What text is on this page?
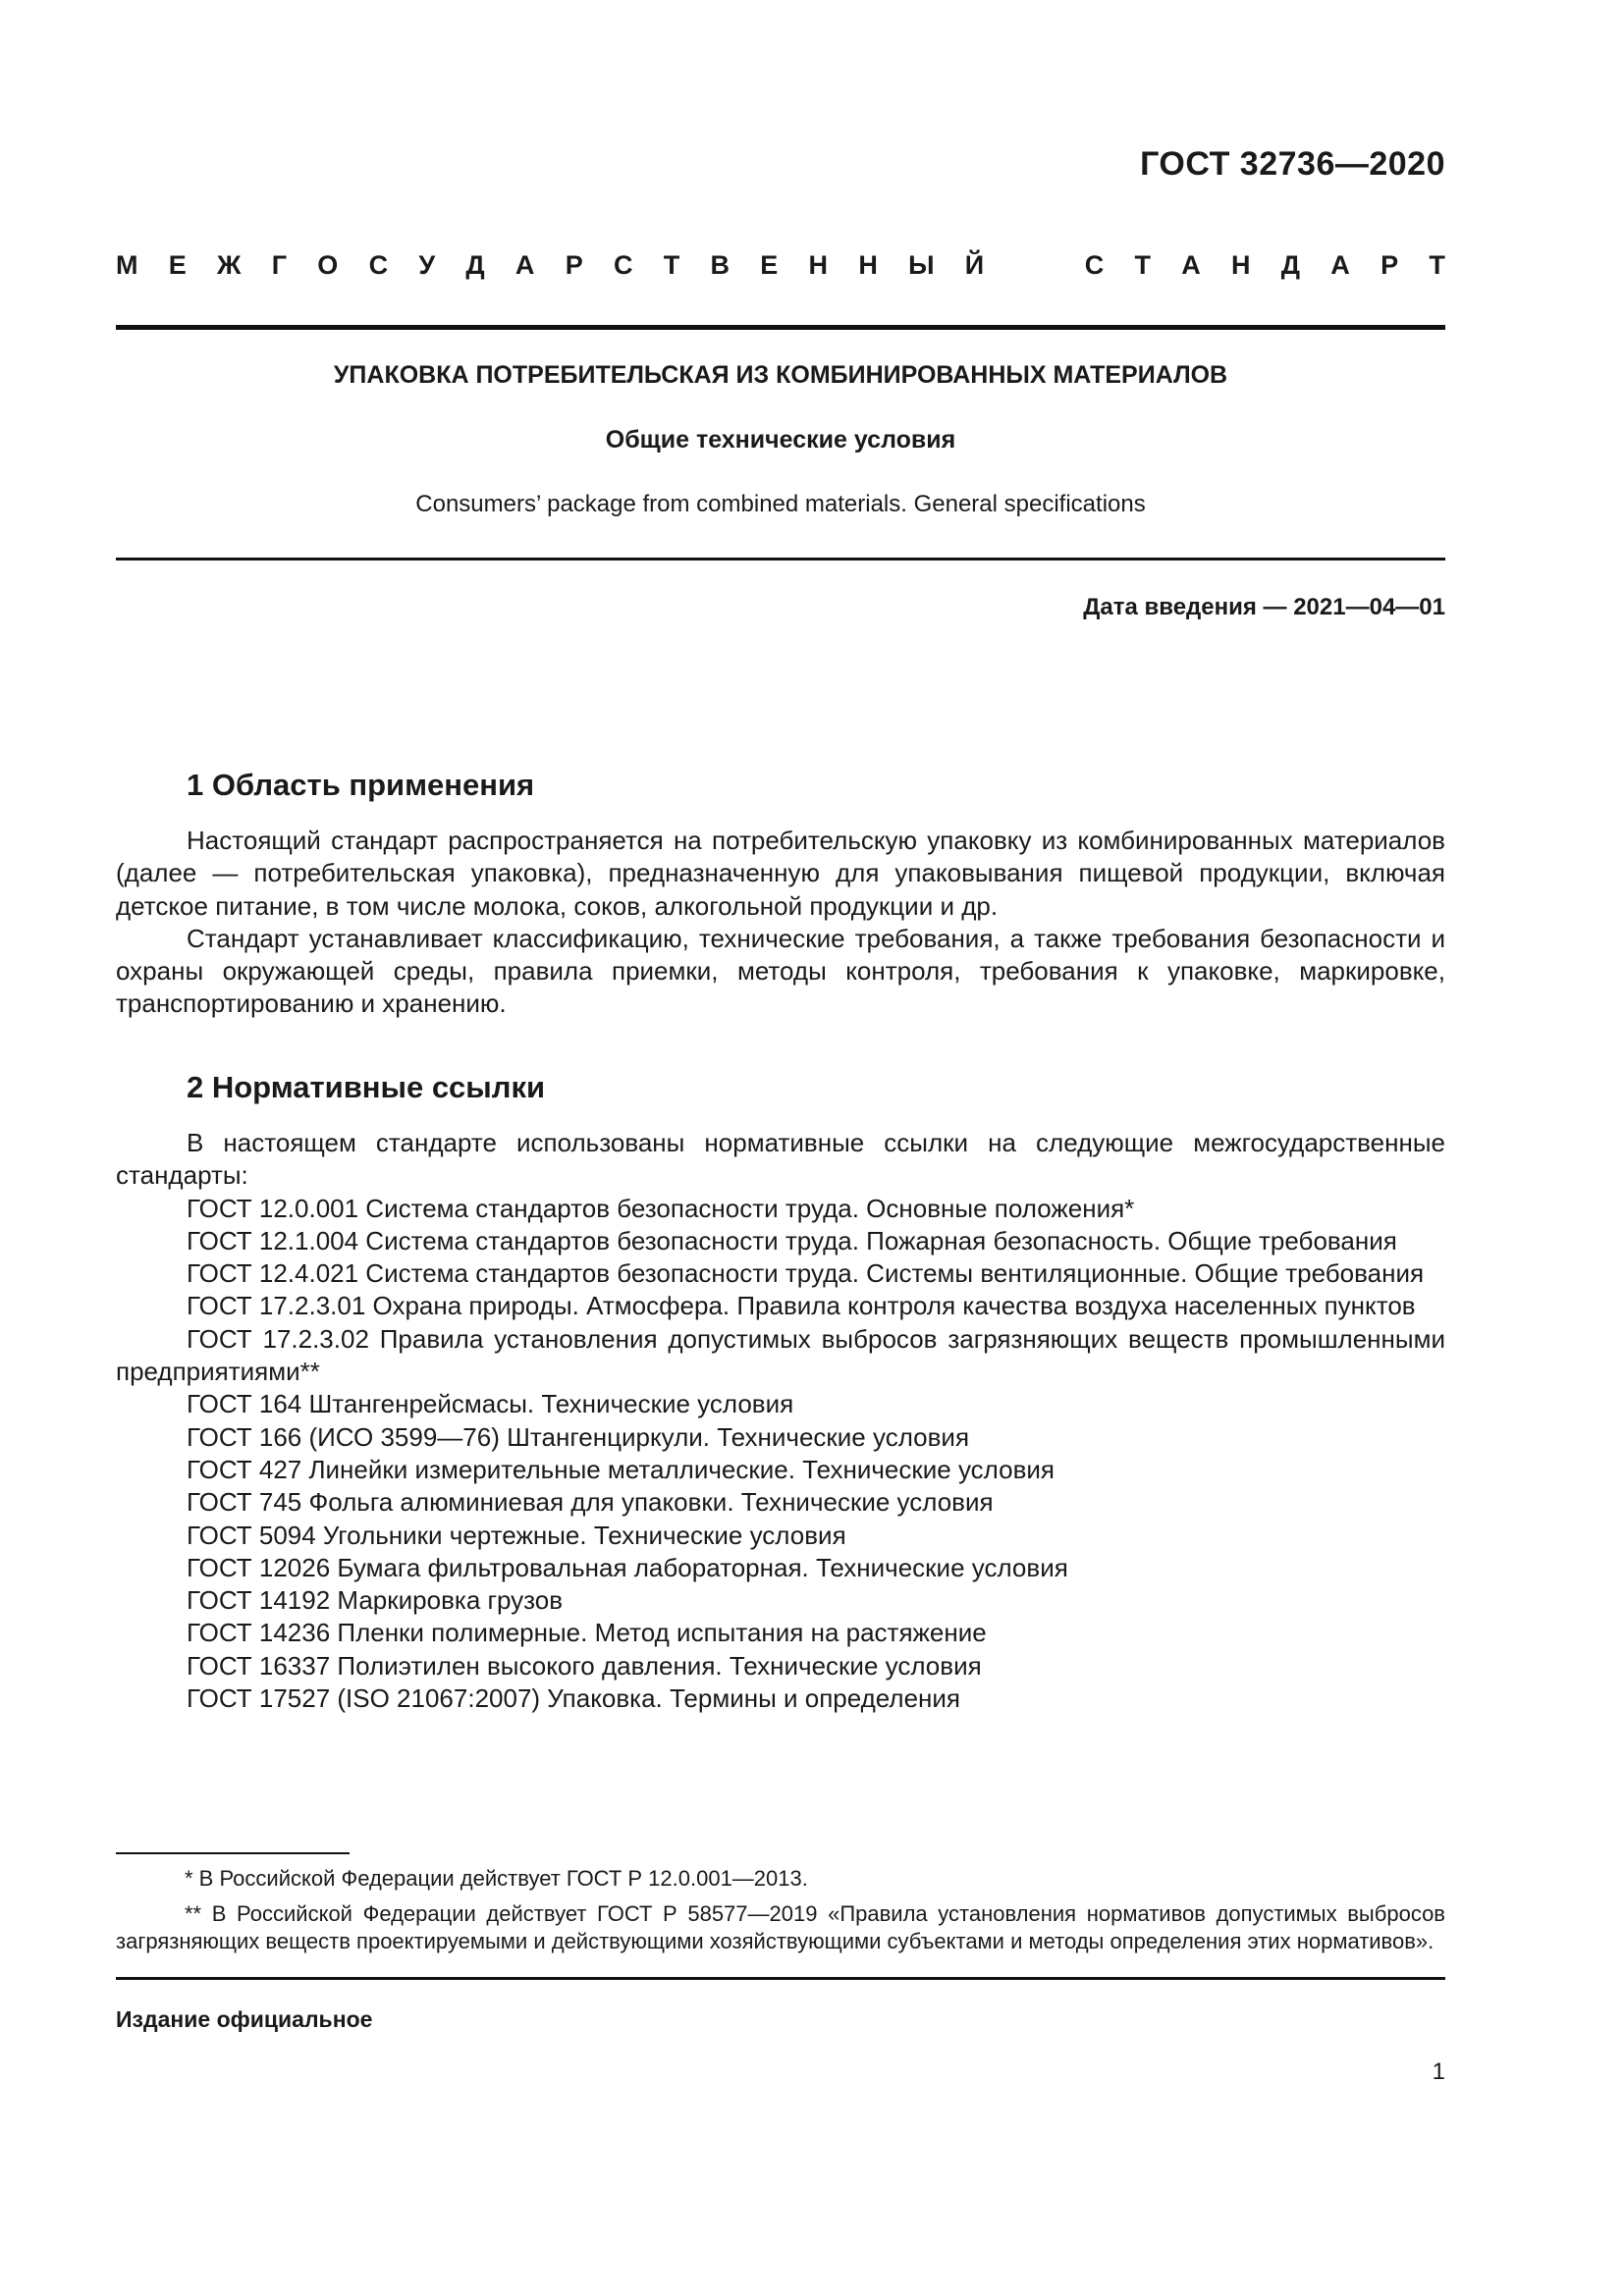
ГОСТ 32736—2020
М Е Ж Г О С У Д А Р С Т В Е Н Н Ы Й	С Т А Н Д А Р Т
УПАКОВКА ПОТРЕБИТЕЛЬСКАЯ ИЗ КОМБИНИРОВАННЫХ МАТЕРИАЛОВ
Общие технические условия
Consumers’ package from combined materials. General specifications
Дата введения — 2021—04—01
1 Область применения

Настоящий стандарт распространяется на потребительскую упаковку из комбинированных материалов (далее — потребительская упаковка), предназначенную для упаковывания пищевой продукции, включая детское питание, в том числе молока, соков, алкогольной продукции и др.

Стандарт устанавливает классификацию, технические требования, а также требования безопасности и охраны окружающей среды, правила приемки, методы контроля, требования к упаковке, маркировке, транспортированию и хранению.

2 Нормативные ссылки

В настоящем стандарте использованы нормативные ссылки на следующие межгосударственные стандарты:

ГОСТ 12.0.001 Система стандартов безопасности труда. Основные положения*

ГОСТ 12.1.004 Система стандартов безопасности труда. Пожарная безопасность. Общие требования

ГОСТ 12.4.021 Система стандартов безопасности труда. Системы вентиляционные. Общие требования

ГОСТ 17.2.3.01 Охрана природы. Атмосфера. Правила контроля качества воздуха населенных пунктов

ГОСТ 17.2.3.02 Правила установления допустимых выбросов загрязняющих веществ промышленными предприятиями**

ГОСТ 164 Штангенрейсмасы. Технические условия

ГОСТ 166 (ИСО 3599—76) Штангенциркули. Технические условия

ГОСТ 427 Линейки измерительные металлические. Технические условия

ГОСТ 745 Фольга алюминиевая для упаковки. Технические условия

ГОСТ 5094 Угольники чертежные. Технические условия

ГОСТ 12026 Бумага фильтровальная лабораторная. Технические условия

ГОСТ 14192 Маркировка грузов

ГОСТ 14236 Пленки полимерные. Метод испытания на растяжение

ГОСТ 16337 Полиэтилен высокого давления. Технические условия

ГОСТ 17527 (ISO 21067:2007) Упаковка. Термины и определения

* В Российской Федерации действует ГОСТ Р 12.0.001—2013.

** В Российской Федерации действует ГОСТ Р 58577—2019 «Правила установления нормативов допустимых выбросов загрязняющих веществ проектируемыми и действующими хозяйствующими субъектами и методы определения этих нормативов».

Издание официальное
1
